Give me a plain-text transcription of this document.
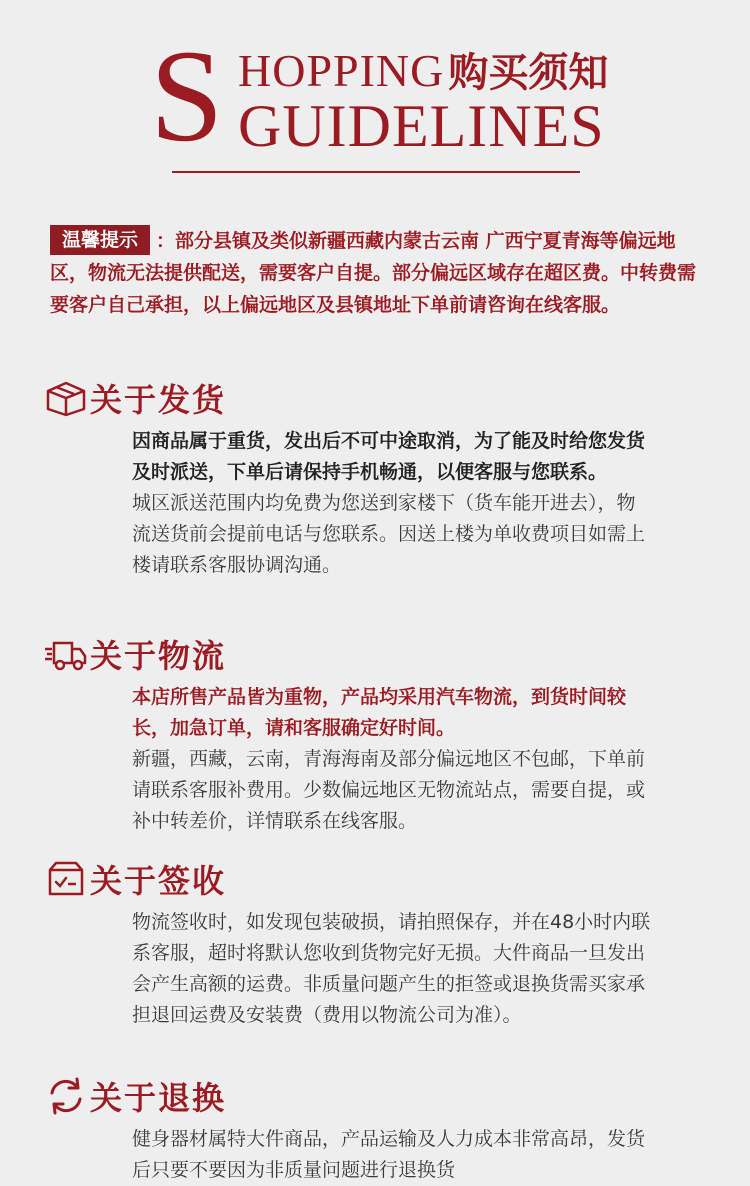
S HOPPING 购买须知
GUIDELINES
温馨提示 ：部分县镇及类似新疆西藏内蒙古云南 广西宁夏青海等偏远地区，物流无法提供配送，需要客户自提。部分偏远区域存在超区费。中转费需要客户自己承担，以上偏远地区及县镇地址下单前请咨询在线客服。
关于发货
因商品属于重货，发出后不可中途取消，为了能及时给您发货及时派送，下单后请保持手机畅通，以便客服与您联系。
城区派送范围内均免费为您送到家楼下（货车能开进去），物流送货前会提前电话与您联系。因送上楼为单收费项目如需上楼请联系客服协调沟通。
关于物流
本店所售产品皆为重物，产品均采用汽车物流，到货时间较长，加急订单，请和客服确定好时间。
新疆，西藏，云南，青海海南及部分偏远地区不包邮，下单前请联系客服补费用。少数偏远地区无物流站点，需要自提，或补中转差价，详情联系在线客服。
关于签收
物流签收时，如发现包装破损，请拍照保存，并在48小时内联系客服，超时将默认您收到货物完好无损。大件商品一旦发出会产生高额的运费。非质量问题产生的拒签或退换货需买家承担退回运费及安装费（费用以物流公司为准）。
关于退换
健身器材属特大件商品，产品运输及人力成本非常高昂，发货后只要不要因为非质量问题进行退换货
